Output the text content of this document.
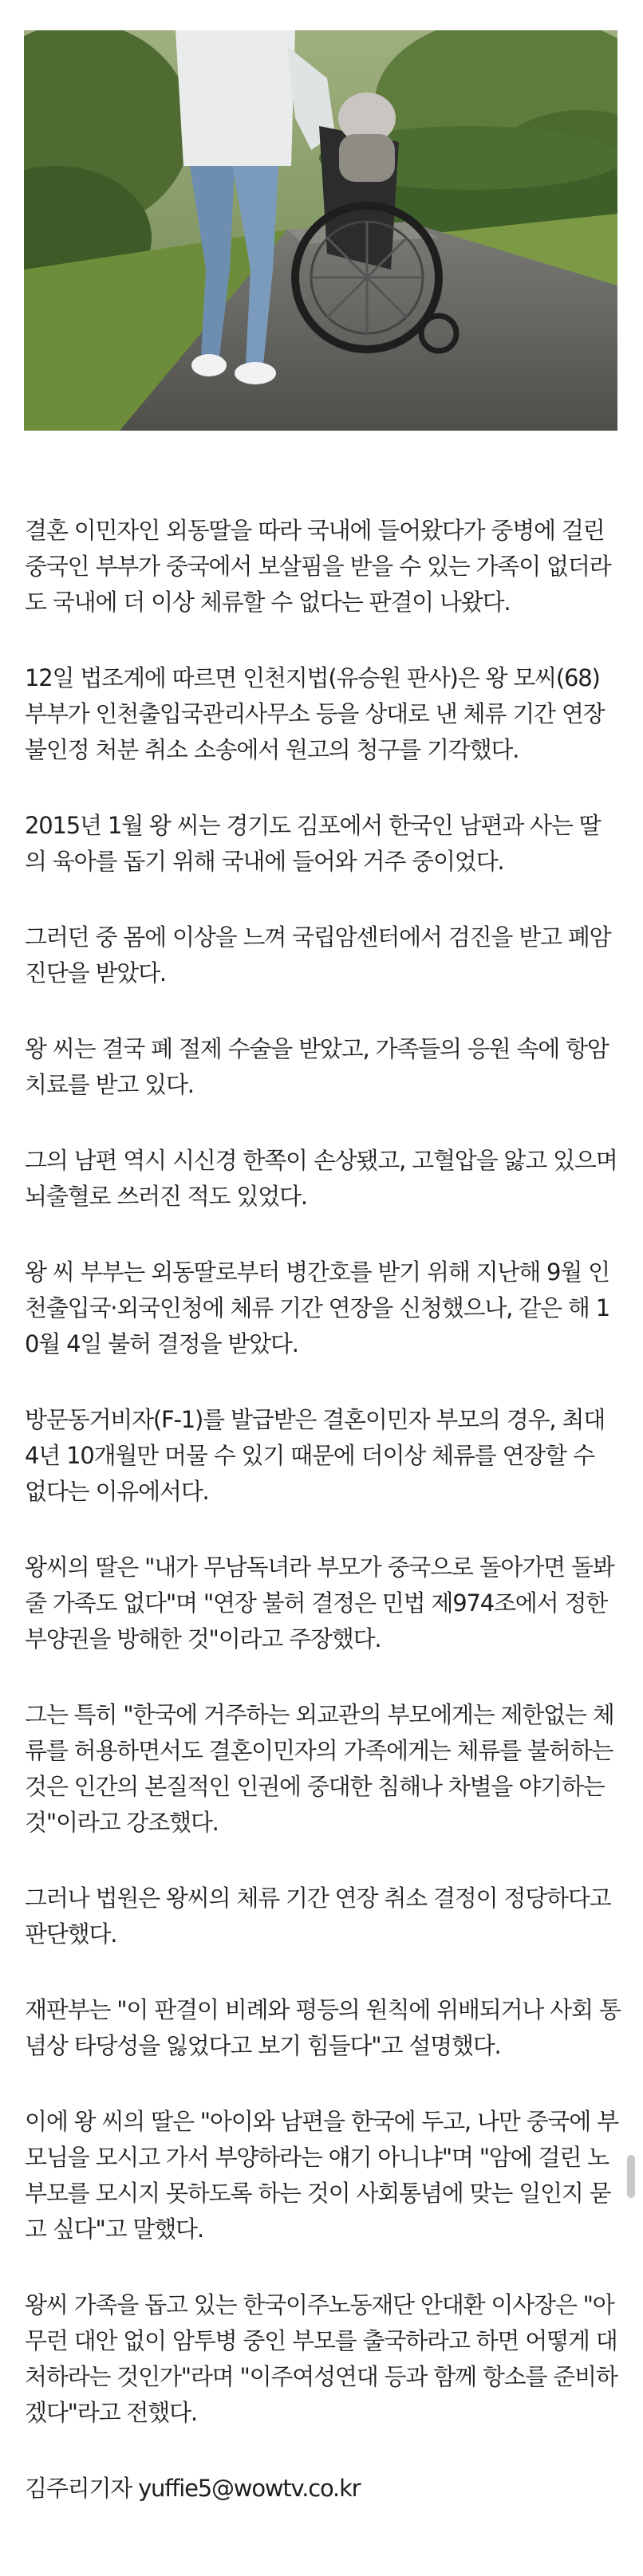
결혼 이민자인 외동딸을 따라 국내에 들어왔다가 중병에 걸린 중국인 부부가 중국에서 보살핌을 받을 수 있는 가족이 없더라도 국내에 더 이상 체류할 수 없다는 판결이 나왔다.

12일 법조계에 따르면 인천지법(유승원 판사)은 왕 모씨(68) 부부가 인천출입국관리사무소 등을 상대로 낸 체류 기간 연장 불인정 처분 취소 소송에서 원고의 청구를 기각했다.

2015년 1월 왕 씨는 경기도 김포에서 한국인 남편과 사는 딸의 육아를 돕기 위해 국내에 들어와 거주 중이었다.

그러던 중 몸에 이상을 느껴 국립암센터에서 검진을 받고 폐암 진단을 받았다.

왕 씨는 결국 폐 절제 수술을 받았고, 가족들의 응원 속에 항암 치료를 받고 있다.

그의 남편 역시 시신경 한쪽이 손상됐고, 고혈압을 앓고 있으며 뇌출혈로 쓰러진 적도 있었다.

왕 씨 부부는 외동딸로부터 병간호를 받기 위해 지난해 9월 인천출입국·외국인청에 체류 기간 연장을 신청했으나, 같은 해 10월 4일 불허 결정을 받았다.

방문동거비자(F-1)를 발급받은 결혼이민자 부모의 경우, 최대 4년 10개월만 머물 수 있기 때문에 더이상 체류를 연장할 수 없다는 이유에서다.

왕씨의 딸은 "내가 무남독녀라 부모가 중국으로 돌아가면 돌봐줄 가족도 없다"며 "연장 불허 결정은 민법 제974조에서 정한 부양권을 방해한 것"이라고 주장했다.

그는 특히 "한국에 거주하는 외교관의 부모에게는 제한없는 체류를 허용하면서도 결혼이민자의 가족에게는 체류를 불허하는 것은 인간의 본질적인 인권에 중대한 침해나 차별을 야기하는 것"이라고 강조했다.

그러나 법원은 왕씨의 체류 기간 연장 취소 결정이 정당하다고 판단했다.

재판부는 "이 판결이 비례와 평등의 원칙에 위배되거나 사회 통념상 타당성을 잃었다고 보기 힘들다"고 설명했다.

이에 왕 씨의 딸은 "아이와 남편을 한국에 두고, 나만 중국에 부모님을 모시고 가서 부양하라는 얘기 아니냐"며 "암에 걸린 노부모를 모시지 못하도록 하는 것이 사회통념에 맞는 일인지 묻고 싶다"고 말했다.

왕씨 가족을 돕고 있는 한국이주노동재단 안대환 이사장은 "아무런 대안 없이 암투병 중인 부모를 출국하라고 하면 어떻게 대처하라는 것인가"라며 "이주여성연대 등과 함께 항소를 준비하겠다"라고 전했다.

김주리기자 yuffie5@wowtv.co.kr
